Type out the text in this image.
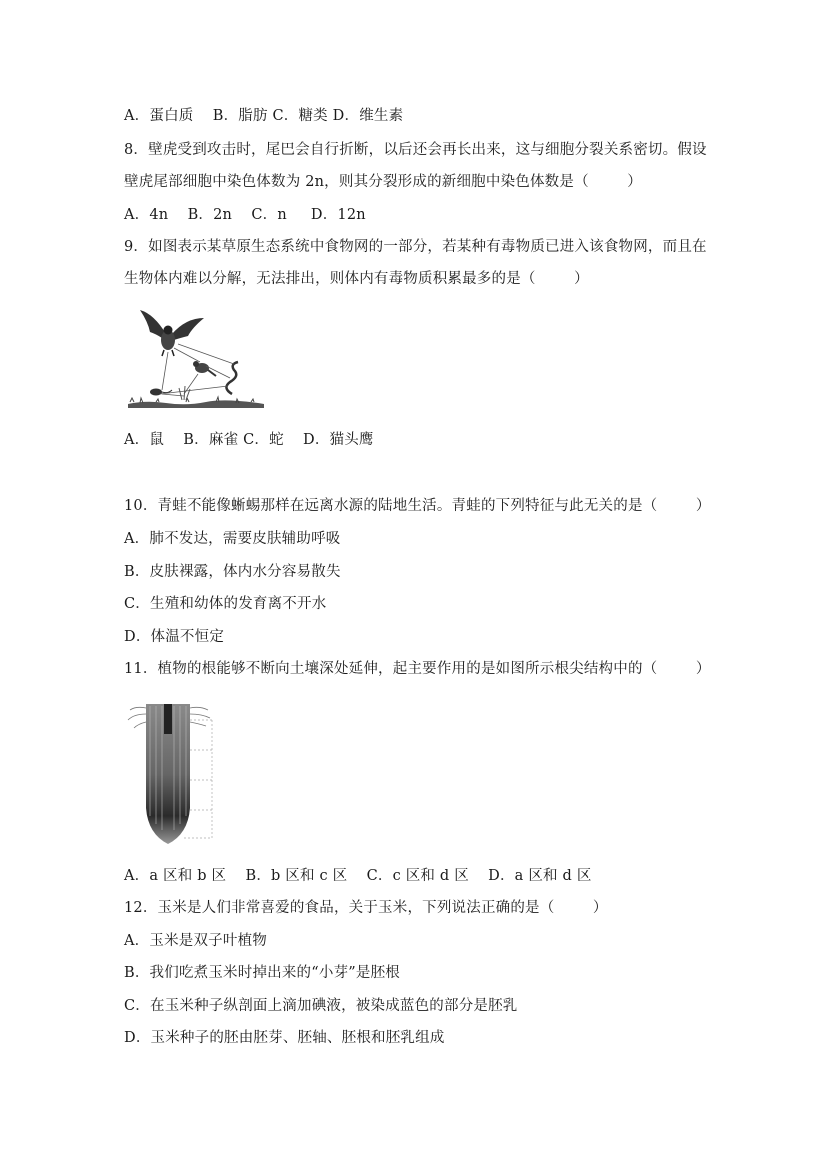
A．蛋白质    B．脂肪 C．糖类 D．维生素
8．壁虎受到攻击时，尾巴会自行折断，以后还会再长出来，这与细胞分裂关系密切。假设
壁虎尾部细胞中染色体数为 2n，则其分裂形成的新细胞中染色体数是（        ）
A．4n    B．2n    C．n     D．12n
9．如图表示某草原生态系统中食物网的一部分，若某种有毒物质已进入该食物网，而且在
生物体内难以分解，无法排出，则体内有毒物质积累最多的是（        ）
A．鼠    B．麻雀 C．蛇    D．猫头鹰
10．青蛙不能像蜥蜴那样在远离水源的陆地生活。青蛙的下列特征与此无关的是（        ）
A．肺不发达，需要皮肤辅助呼吸
B．皮肤裸露，体内水分容易散失
C．生殖和幼体的发育离不开水
D．体温不恒定
11．植物的根能够不断向土壤深处延伸，起主要作用的是如图所示根尖结构中的（        ）
A．a 区和 b 区    B．b 区和 c 区    C．c 区和 d 区    D．a 区和 d 区
12．玉米是人们非常喜爱的食品，关于玉米，下列说法正确的是（        ）
A．玉米是双子叶植物
B．我们吃煮玉米时掉出来的“小芽”是胚根
C．在玉米种子纵剖面上滴加碘液，被染成蓝色的部分是胚乳
D．玉米种子的胚由胚芽、胚轴、胚根和胚乳组成
